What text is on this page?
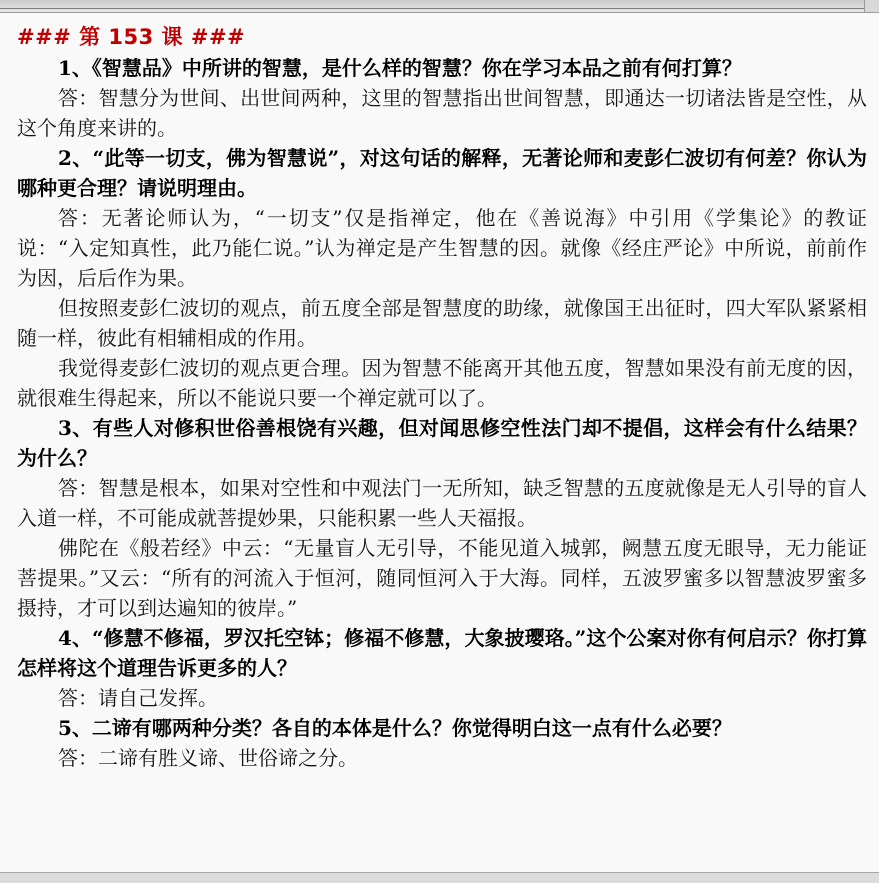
### 第 153 课 ###

1、《智慧品》中所讲的智慧，是什么样的智慧？你在学习本品之前有何打算？

答：智慧分为世间、出世间两种，这里的智慧指出世间智慧，即通达一切诸法皆是空性，从这个角度来讲的。

2、“此等一切支，佛为智慧说”，对这句话的解释，无著论师和麦彭仁波切有何差？你认为哪种更合理？请说明理由。

答：无著论师认为，“一切支”仅是指禅定，他在《善说海》中引用《学集论》的教证说：“入定知真性，此乃能仁说。”认为禅定是产生智慧的因。就像《经庄严论》中所说，前前作为因，后后作为果。

但按照麦彭仁波切的观点，前五度全部是智慧度的助缘，就像国王出征时，四大军队紧紧相随一样，彼此有相辅相成的作用。

我觉得麦彭仁波切的观点更合理。因为智慧不能离开其他五度，智慧如果没有前无度的因，就很难生得起来，所以不能说只要一个禅定就可以了。

3、有些人对修积世俗善根饶有兴趣，但对闻思修空性法门却不提倡，这样会有什么结果？为什么？

答：智慧是根本，如果对空性和中观法门一无所知，缺乏智慧的五度就像是无人引导的盲人入道一样，不可能成就菩提妙果，只能积累一些人天福报。

佛陀在《般若经》中云：“无量盲人无引导，不能见道入城郭，阙慧五度无眼导，无力能证菩提果。”又云：“所有的河流入于恒河，随同恒河入于大海。同样，五波罗蜜多以智慧波罗蜜多摄持，才可以到达遍知的彼岸。”

4、“修慧不修福，罗汉托空钵；修福不修慧，大象披璎珞。”这个公案对你有何启示？你打算怎样将这个道理告诉更多的人？

答：请自己发挥。

5、二谛有哪两种分类？各自的本体是什么？你觉得明白这一点有什么必要？

答：二谛有胜义谛、世俗谛之分。
